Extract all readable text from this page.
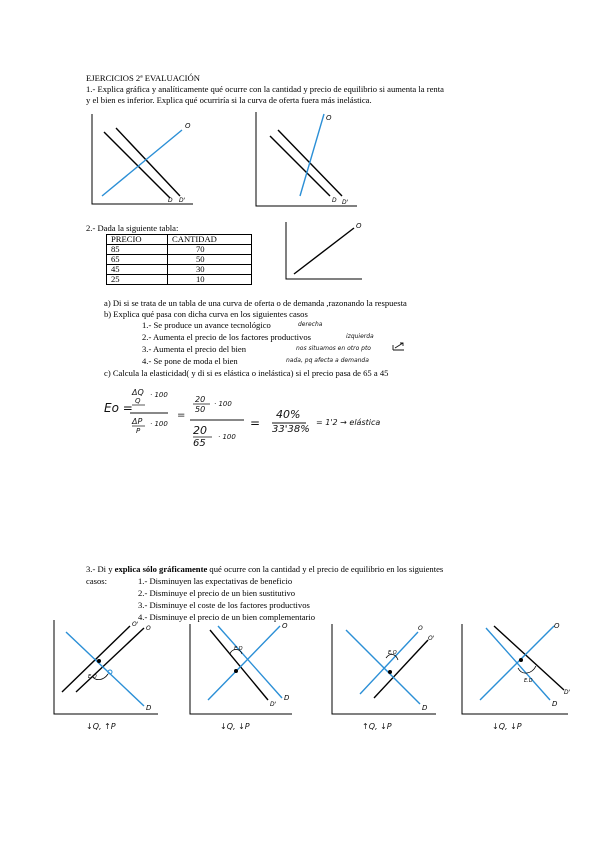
EJERCICIOS 2ª EVALUACIÓN
1.- Explica gráfica y analíticamente qué ocurre con la cantidad y precio de equilibrio si aumenta la renta
y el bien es inferior. Explica qué ocurriría si la curva de oferta fuera más inelástica.
O
D D'
O
D D'
2.- Dada la siguiente tabla:
PRECIO	CANTIDAD
85	70
65	50
45	30
25	10
O
a) Di si se trata de un tabla de una curva de oferta o de demanda ,razonando la respuesta
b) Explica qué pasa con dicha curva en los siguientes casos
1.- Se produce un avance tecnológico	derecha
2.- Aumenta el precio de los factores productivos	izquierda
3.- Aumenta el precio del bien	nos situamos en otro pto
4.- Se pone de moda el bien	nada, pq afecta a demanda
c) Calcula la elasticidad( y di si es elástica o inelástica) si el precio pasa de 65 a 45
Eo =
ΔQ
Q
· 100
ΔP
P
· 100
=
20
50
· 100
20
65
· 100
=
40%
33'38%
= 1'2 → elástica
3.- Di y explica sólo gráficamente qué ocurre con la cantidad y el precio de equilibrio en los siguientes
casos:	1.- Disminuyen las expectativas de beneficio
2.- Disminuye el precio de un bien sustitutivo
3.- Disminuye el coste de los factores productivos
4.- Disminuye el precio de un bien complementario
O'
O
D
E.O
↓Q, ↑P
O
D
D'
E.D
↓Q, ↓P
O
O'
D
E.O
↑Q, ↓P
O
D
D'
E.D
↓Q, ↓P
